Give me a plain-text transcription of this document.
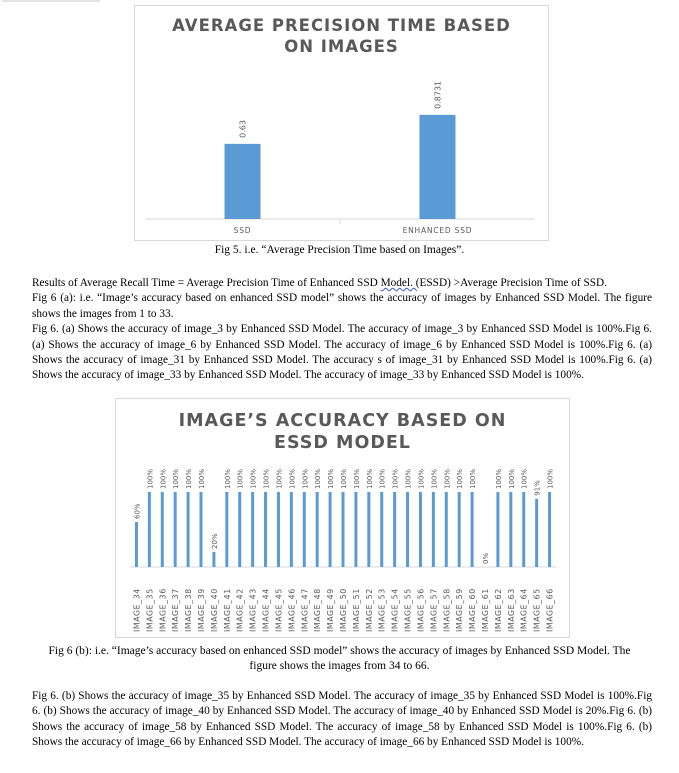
AVERAGE PRECISION TIME BASED
ON IMAGES
0.63
SSD
0.8731
ENHANCED SSD
Fig 5. i.e. “Average Precision Time based on Images”.

Results of Average Recall Time = Average Precision Time of Enhanced SSD Model. (ESSD) >Average Precision Time of SSD.

Fig 6 (a): i.e. “Image’s accuracy based on enhanced SSD model” shows the accuracy of images by Enhanced SSD Model. The figure shows the images from 1 to 33.

Fig 6. (a) Shows the accuracy of image_3 by Enhanced SSD Model. The accuracy of image_3 by Enhanced SSD Model is 100%.Fig 6. (a) Shows the accuracy of image_6 by Enhanced SSD Model. The accuracy of image_6 by Enhanced SSD Model is 100%.Fig 6. (a) Shows the accuracy of image_31 by Enhanced SSD Model. The accuracy s of image_31 by Enhanced SSD Model is 100%.Fig 6. (a) Shows the accuracy of image_33 by Enhanced SSD Model. The accuracy of image_33 by Enhanced SSD Model is 100%.

IMAGE’S ACCURACY BASED ON
ESSD MODEL
60%
IMAGE_34
100%
IMAGE_35
100%
IMAGE_36
100%
IMAGE_37
100%
IMAGE_38
100%
IMAGE_39
20%
IMAGE_40
100%
IMAGE_41
100%
IMAGE_42
100%
IMAGE_43
100%
IMAGE_44
100%
IMAGE_45
100%
IMAGE_46
100%
IMAGE_47
100%
IMAGE_48
100%
IMAGE_49
100%
IMAGE_50
100%
IMAGE_51
100%
IMAGE_52
100%
IMAGE_53
100%
IMAGE_54
100%
IMAGE_55
100%
IMAGE_56
100%
IMAGE_57
100%
IMAGE_58
100%
IMAGE_59
100%
IMAGE_60
0%
IMAGE_61
100%
IMAGE_62
100%
IMAGE_63
100%
IMAGE_64
91%
IMAGE_65
100%
IMAGE_66
Fig 6 (b): i.e. “Image’s accuracy based on enhanced SSD model” shows the accuracy of images by Enhanced SSD Model. The
figure shows the images from 34 to 66.

Fig 6. (b) Shows the accuracy of image_35 by Enhanced SSD Model. The accuracy of image_35 by Enhanced SSD Model is 100%.Fig 6. (b) Shows the accuracy of image_40 by Enhanced SSD Model. The accuracy of image_40 by Enhanced SSD Model is 20%.Fig 6. (b) Shows the accuracy of image_58 by Enhanced SSD Model. The accuracy of image_58 by Enhanced SSD Model is 100%.Fig 6. (b) Shows the accuracy of image_66 by Enhanced SSD Model. The accuracy of image_66 by Enhanced SSD Model is 100%.
